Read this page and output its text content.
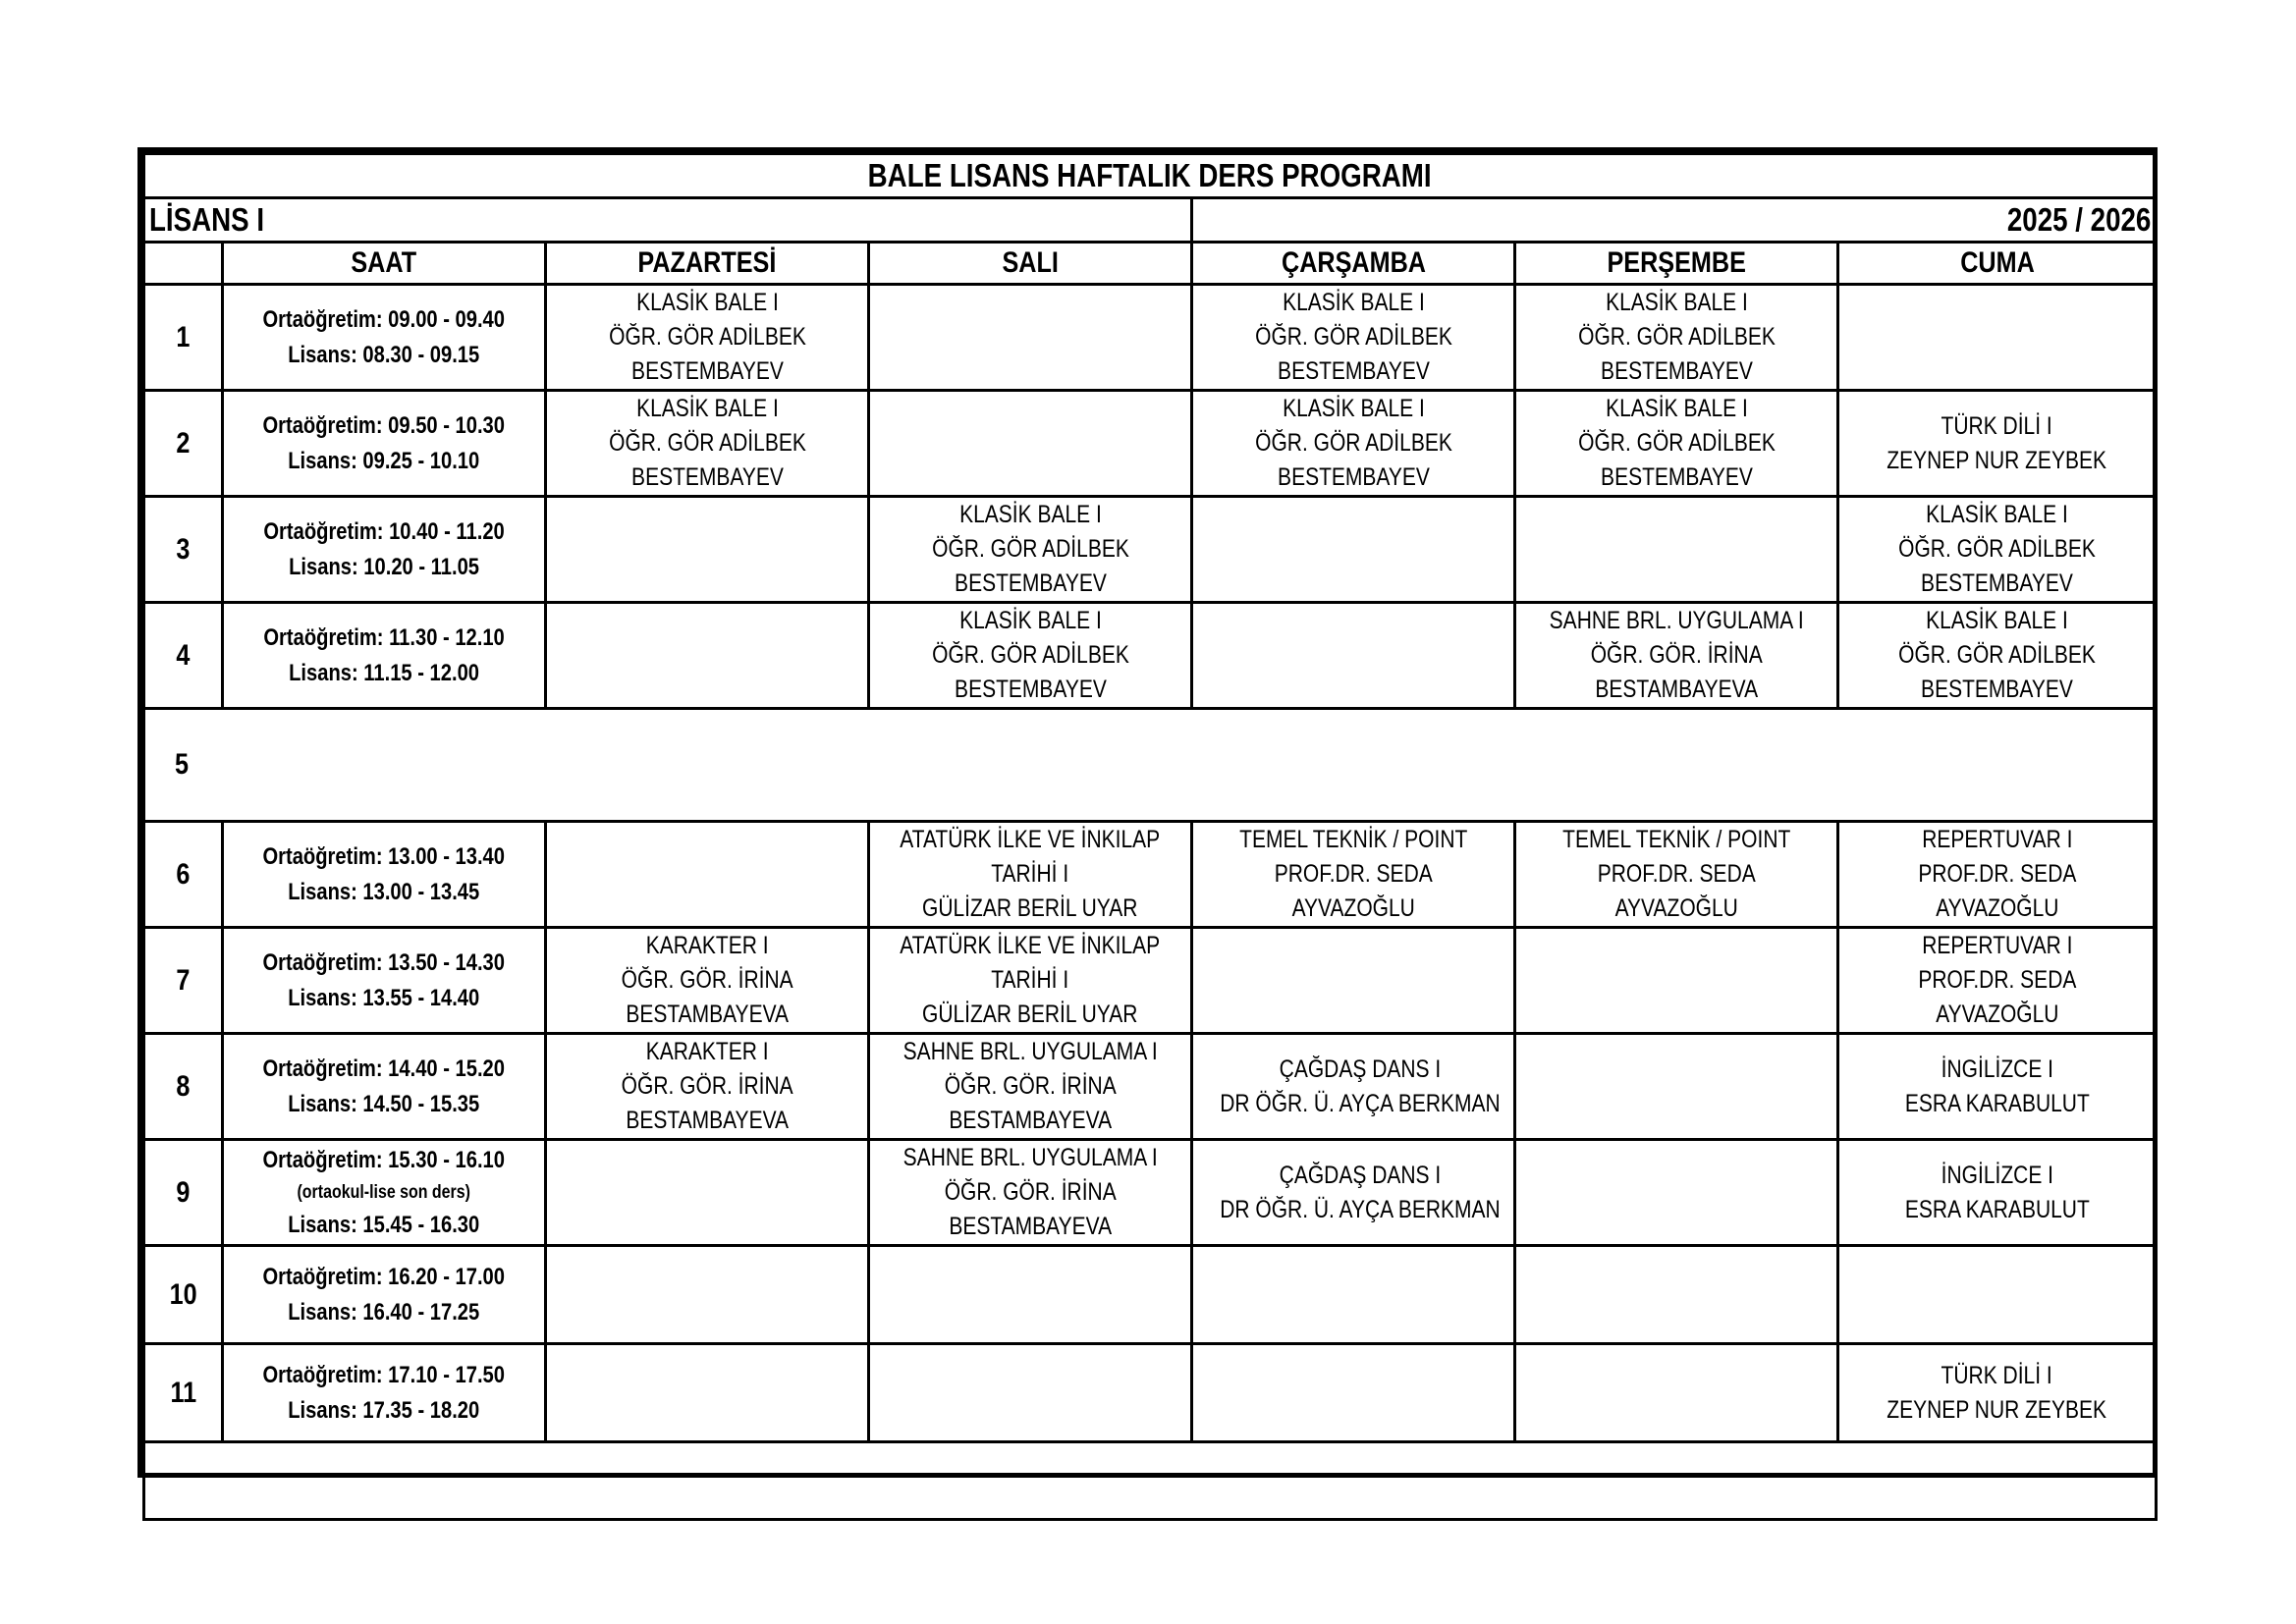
BALE LISANS HAFTALIK DERS PROGRAMI						
LİSANS I				2025 / 2026		
	SAAT	PAZARTESİ	SALI	ÇARŞAMBA	PERŞEMBE	CUMA
1	Ortaöğretim: 09.00 - 09.40
Lisans: 08.30 - 09.15	KLASİK BALE I
ÖĞR. GÖR ADİLBEK
BESTEMBAYEV		KLASİK BALE I
ÖĞR. GÖR ADİLBEK
BESTEMBAYEV	KLASİK BALE I
ÖĞR. GÖR ADİLBEK
BESTEMBAYEV	

2	Ortaöğretim: 09.50 - 10.30
Lisans: 09.25 - 10.10	KLASİK BALE I
ÖĞR. GÖR ADİLBEK
BESTEMBAYEV		KLASİK BALE I
ÖĞR. GÖR ADİLBEK
BESTEMBAYEV	KLASİK BALE I
ÖĞR. GÖR ADİLBEK
BESTEMBAYEV	TÜRK DİLİ I
ZEYNEP NUR ZEYBEK

3	Ortaöğretim: 10.40 - 11.20
Lisans: 10.20 - 11.05		KLASİK BALE I
ÖĞR. GÖR ADİLBEK
BESTEMBAYEV			KLASİK BALE I
ÖĞR. GÖR ADİLBEK
BESTEMBAYEV

4	Ortaöğretim: 11.30 - 12.10
Lisans: 11.15 - 12.00		KLASİK BALE I
ÖĞR. GÖR ADİLBEK
BESTEMBAYEV		SAHNE BRL. UYGULAMA I
ÖĞR. GÖR. İRİNA
BESTAMBAYEVA	KLASİK BALE I
ÖĞR. GÖR ADİLBEK
BESTEMBAYEV

5						
6	Ortaöğretim: 13.00 - 13.40
Lisans: 13.00 - 13.45		ATATÜRK İLKE VE İNKILAP
TARİHİ I
GÜLİZAR BERİL UYAR	TEMEL TEKNİK / POINT
PROF.DR. SEDA
AYVAZOĞLU	TEMEL TEKNİK / POINT
PROF.DR. SEDA
AYVAZOĞLU	REPERTUVAR I
PROF.DR. SEDA
AYVAZOĞLU

7	Ortaöğretim: 13.50 - 14.30
Lisans: 13.55 - 14.40	KARAKTER I
ÖĞR. GÖR. İRİNA
BESTAMBAYEVA	ATATÜRK İLKE VE İNKILAP
TARİHİ I
GÜLİZAR BERİL UYAR			REPERTUVAR I
PROF.DR. SEDA
AYVAZOĞLU

8	Ortaöğretim: 14.40 - 15.20
Lisans: 14.50 - 15.35	KARAKTER I
ÖĞR. GÖR. İRİNA
BESTAMBAYEVA	SAHNE BRL. UYGULAMA I
ÖĞR. GÖR. İRİNA
BESTAMBAYEVA	ÇAĞDAŞ DANS I
DR ÖĞR. Ü. AYÇA BERKMAN		İNGİLİZCE I
ESRA KARABULUT

9	Ortaöğretim: 15.30 - 16.10
(ortaokul-lise son ders)
Lisans: 15.45 - 16.30		SAHNE BRL. UYGULAMA I
ÖĞR. GÖR. İRİNA
BESTAMBAYEVA	ÇAĞDAŞ DANS I
DR ÖĞR. Ü. AYÇA BERKMAN		İNGİLİZCE I
ESRA KARABULUT

10	Ortaöğretim: 16.20 - 17.00
Lisans: 16.40 - 17.25					

11	Ortaöğretim: 17.10 - 17.50
Lisans: 17.35 - 18.20					TÜRK DİLİ I
ZEYNEP NUR ZEYBEK
